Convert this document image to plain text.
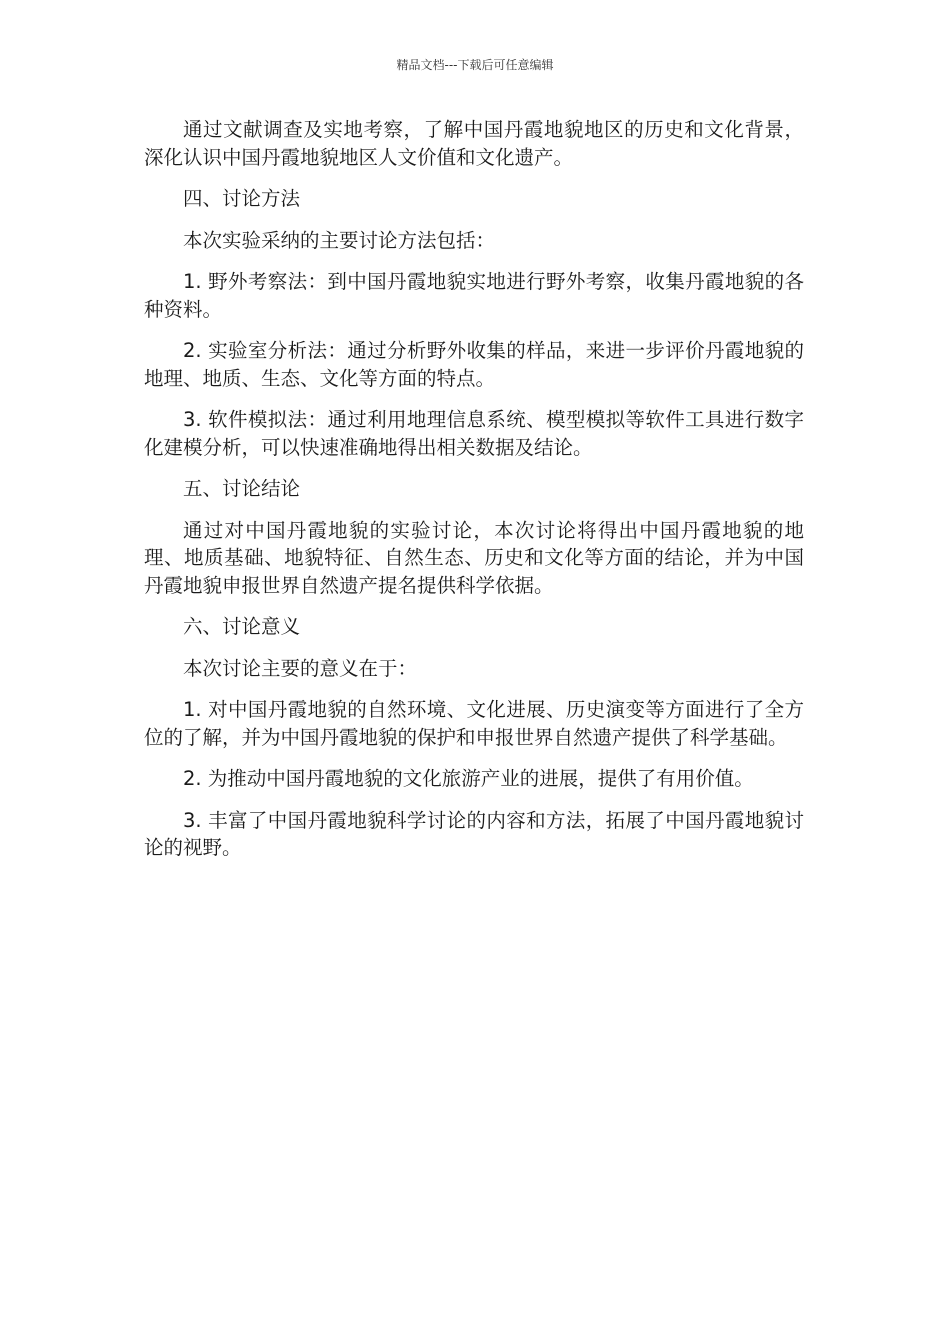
精品文档---下载后可任意编辑

通过文献调查及实地考察，了解中国丹霞地貌地区的历史和文化背景，深化认识中国丹霞地貌地区人文价值和文化遗产。

四、讨论方法

本次实验采纳的主要讨论方法包括：

1. 野外考察法：到中国丹霞地貌实地进行野外考察，收集丹霞地貌的各种资料。

2. 实验室分析法：通过分析野外收集的样品，来进一步评价丹霞地貌的地理、地质、生态、文化等方面的特点。

3. 软件模拟法：通过利用地理信息系统、模型模拟等软件工具进行数字化建模分析，可以快速准确地得出相关数据及结论。

五、讨论结论

通过对中国丹霞地貌的实验讨论，本次讨论将得出中国丹霞地貌的地理、地质基础、地貌特征、自然生态、历史和文化等方面的结论，并为中国丹霞地貌申报世界自然遗产提名提供科学依据。

六、讨论意义

本次讨论主要的意义在于：

1. 对中国丹霞地貌的自然环境、文化进展、历史演变等方面进行了全方位的了解，并为中国丹霞地貌的保护和申报世界自然遗产提供了科学基础。

2. 为推动中国丹霞地貌的文化旅游产业的进展，提供了有用价值。

3. 丰富了中国丹霞地貌科学讨论的内容和方法，拓展了中国丹霞地貌讨论的视野。
